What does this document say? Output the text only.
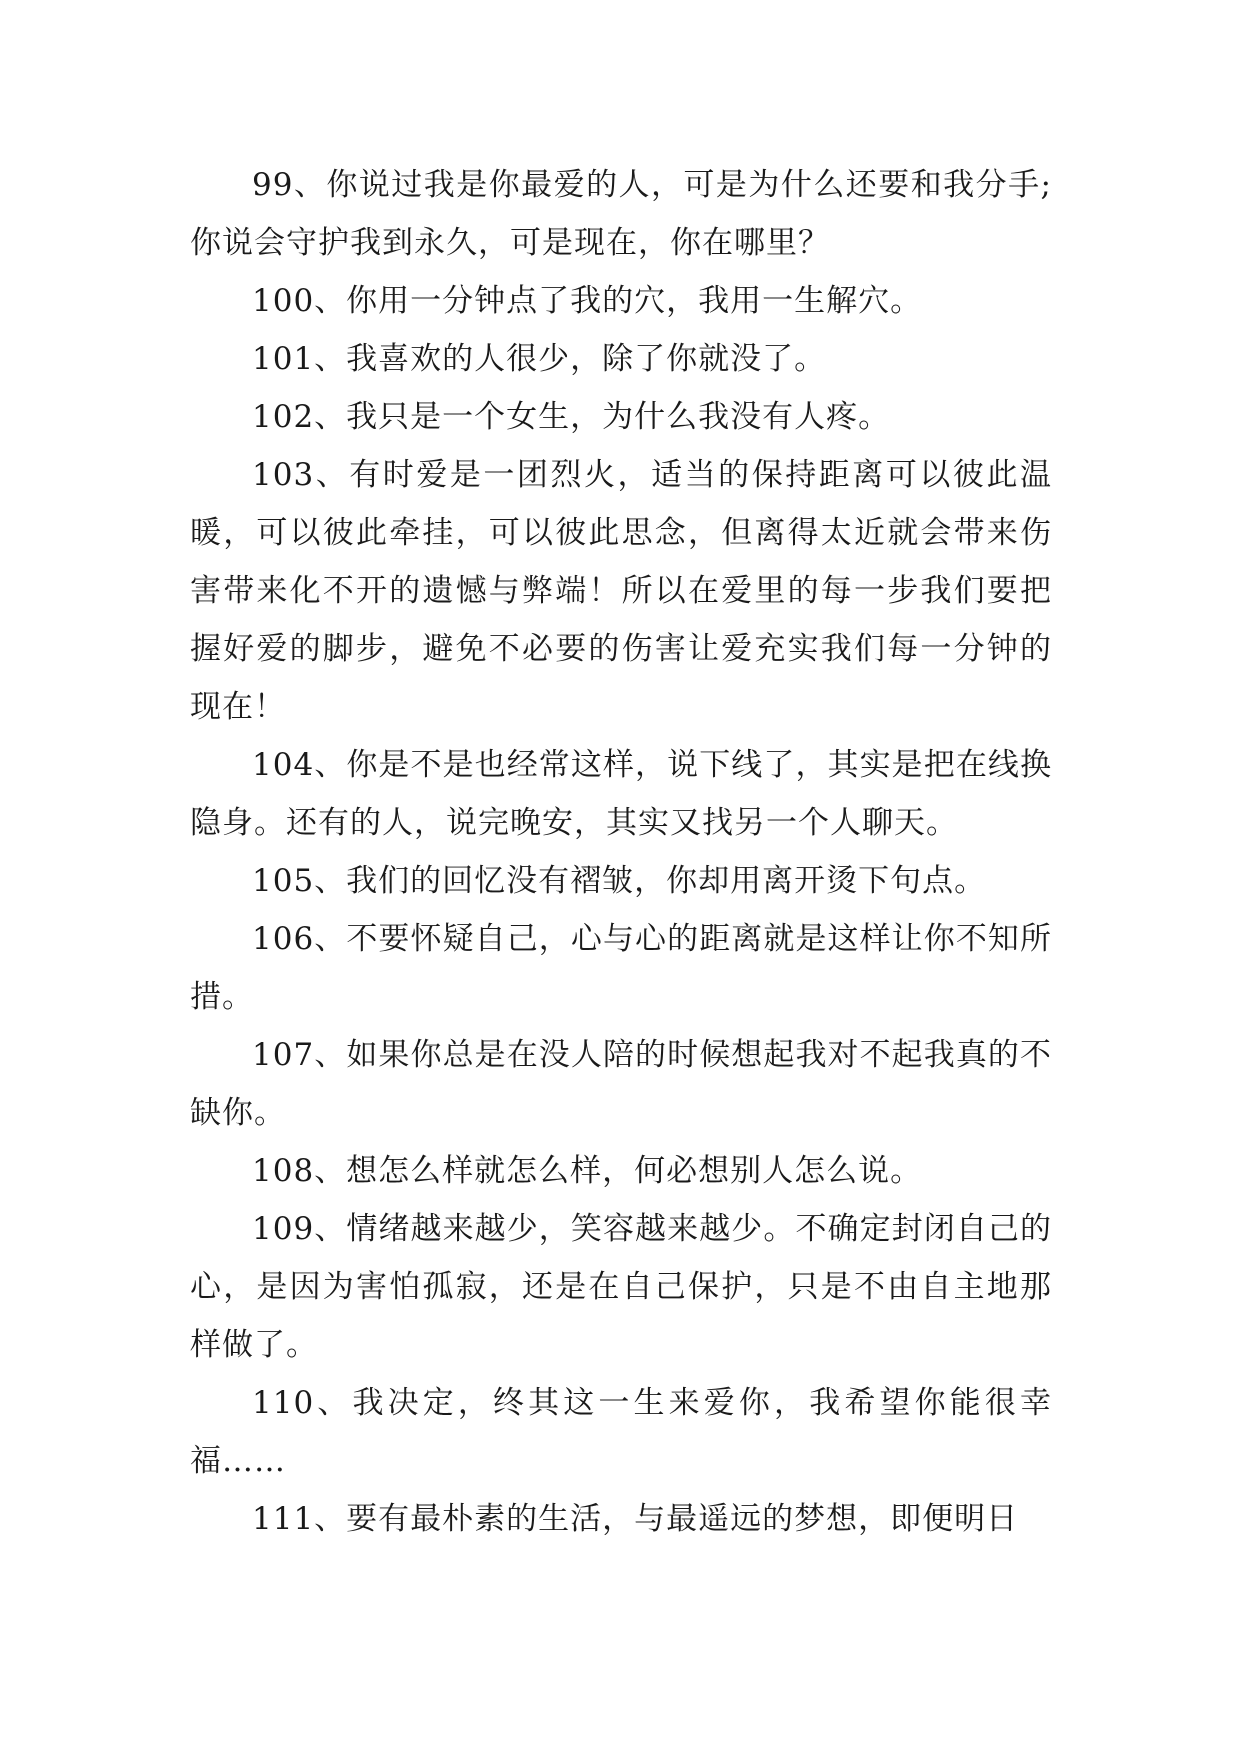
99、你说过我是你最爱的人，可是为什么还要和我分手;你说会守护我到永久，可是现在，你在哪里？

100、你用一分钟点了我的穴，我用一生解穴。

101、我喜欢的人很少，除了你就没了。

102、我只是一个女生，为什么我没有人疼。

103、有时爱是一团烈火，适当的保持距离可以彼此温暖，可以彼此牵挂，可以彼此思念，但离得太近就会带来伤害带来化不开的遗憾与弊端！所以在爱里的每一步我们要把握好爱的脚步，避免不必要的伤害让爱充实我们每一分钟的现在！

104、你是不是也经常这样，说下线了，其实是把在线换隐身。还有的人，说完晚安，其实又找另一个人聊天。

105、我们的回忆没有褶皱，你却用离开烫下句点。

106、不要怀疑自己，心与心的距离就是这样让你不知所措。

107、如果你总是在没人陪的时候想起我对不起我真的不缺你。

108、想怎么样就怎么样，何必想别人怎么说。

109、情绪越来越少，笑容越来越少。不确定封闭自己的心，是因为害怕孤寂，还是在自己保护，只是不由自主地那样做了。

110、我决定，终其这一生来爱你，我希望你能很幸福……

111、要有最朴素的生活，与最遥远的梦想，即便明日
